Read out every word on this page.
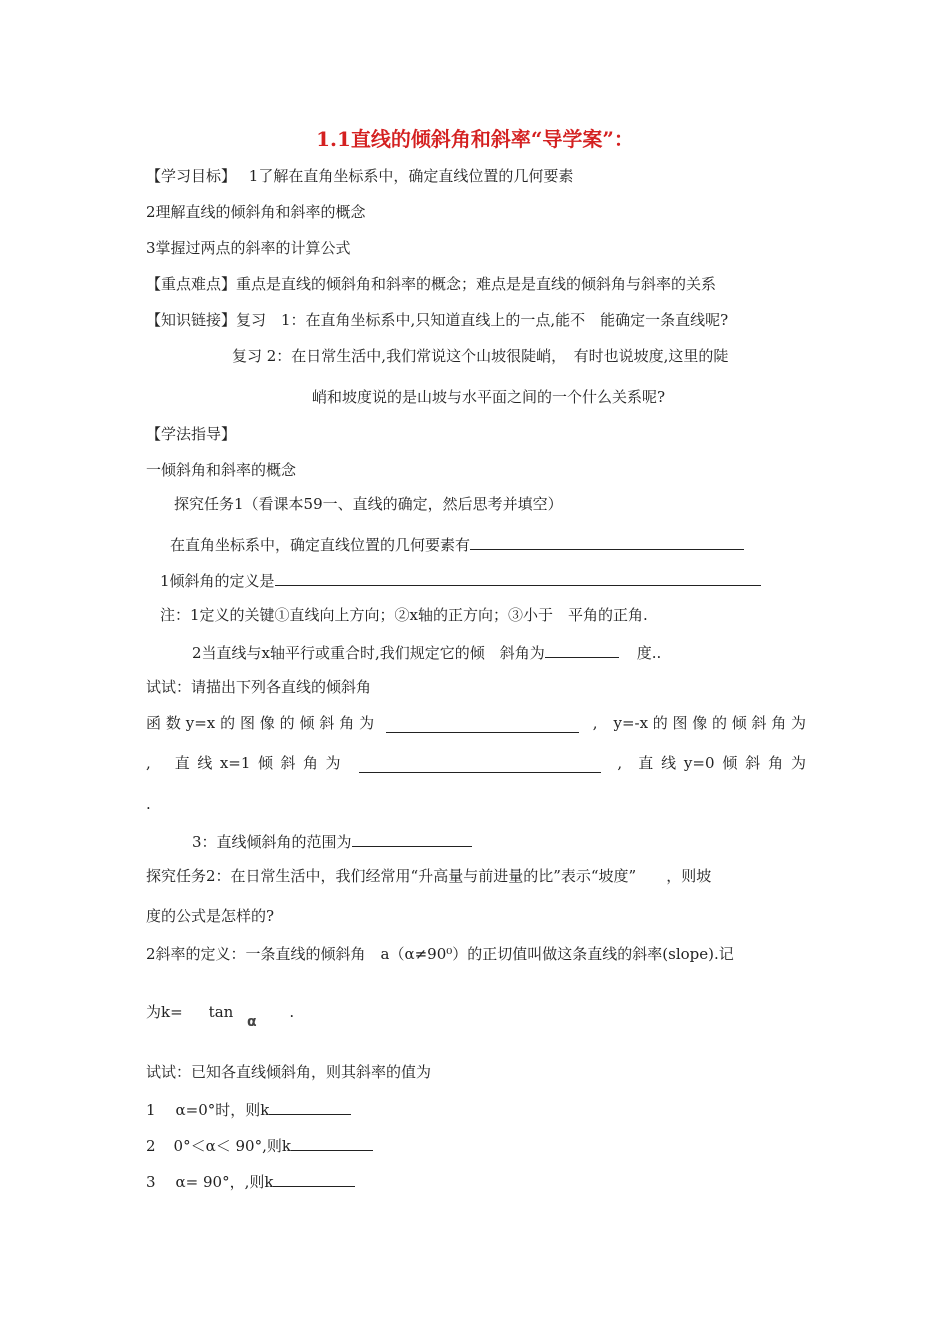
1.1直线的倾斜角和斜率“导学案”：
【学习目标】 1了解在直角坐标系中，确定直线位置的几何要素
2理解直线的倾斜角和斜率的概念
3掌握过两点的斜率的计算公式
【重点难点】重点是直线的倾斜角和斜率的概念；难点是是直线的倾斜角与斜率的关系
【知识链接】复习　1：在直角坐标系中,只知道直线上的一点,能不　能确定一条直线呢?
复习 2：在日常生活中,我们常说这个山坡很陡峭，　有时也说坡度,这里的陡
峭和坡度说的是山坡与水平面之间的一个什么关系呢?
【学法指导】
一倾斜角和斜率的概念
探究任务1（看课本59一、直线的确定，然后思考并填空）
在直角坐标系中，确定直线位置的几何要素有
1倾斜角的定义是
注：1定义的关键①直线向上方向；②x轴的正方向；③小于　平角的正角.
2当直线与x轴平行或重合时,我们规定它的倾　斜角为	度..
试试：请描出下列各直线的倾斜角
函 数 y=x 的 图 像 的 倾 斜 角 为	, y=-x 的 图 像 的 倾 斜 角 为
, 直 线 x=1 倾 斜 角 为	, 直 线 y=0 倾 斜 角 为
.
3：直线倾斜角的范围为
探究任务2：在日常生活中，我们经常用“升高量与前进量的比”表示“坡度”　　，则坡
度的公式是怎样的?
2斜率的定义：一条直线的倾斜角　a（α≠90⁰）的正切值叫做这条直线的斜率(slope).记
为k= tan	.
α
试试：已知各直线倾斜角，则其斜率的值为
1 α=0°时，则k
2 0°＜α＜ 90°,则k
3 α= 90°，,则k
